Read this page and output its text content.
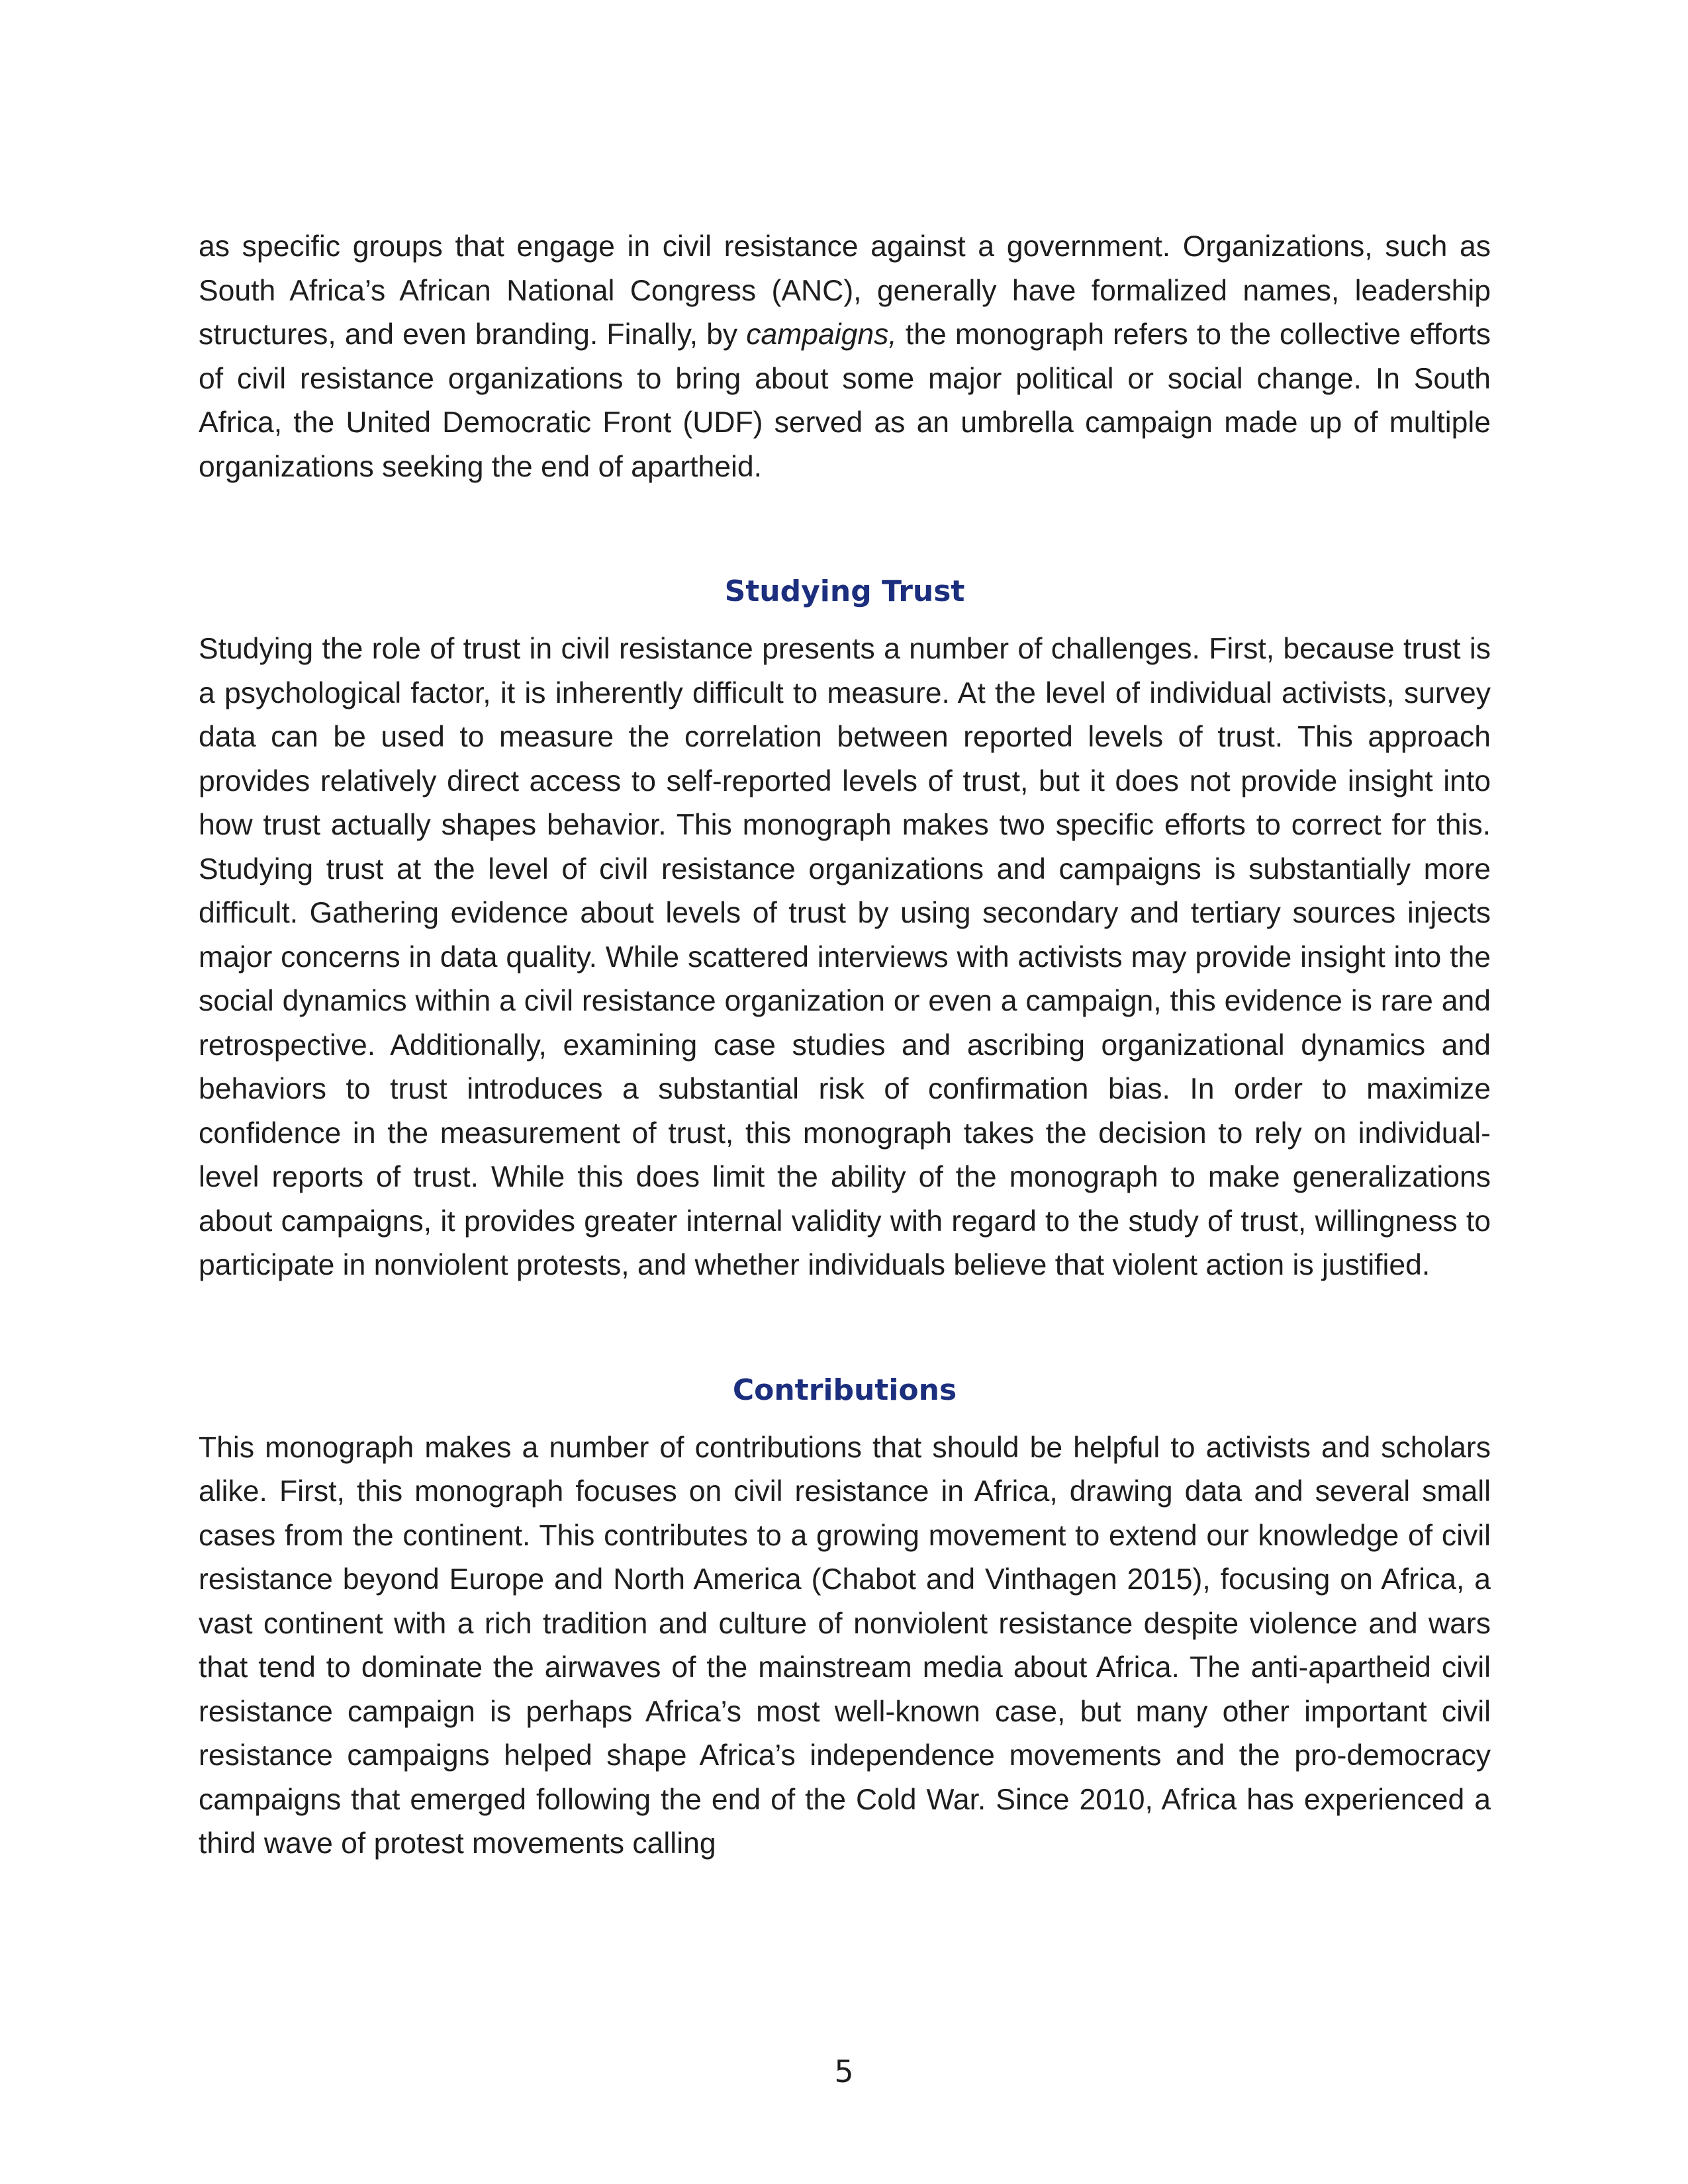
as specific groups that engage in civil resistance against a government. Organizations, such as South Africa’s African National Congress (ANC), generally have formalized names, leadership structures, and even branding. Finally, by campaigns, the monograph refers to the collective efforts of civil resistance organizations to bring about some major political or social change. In South Africa, the United Democratic Front (UDF) served as an umbrella campaign made up of multiple organizations seeking the end of apartheid.

Studying Trust

Studying the role of trust in civil resistance presents a number of challenges. First, because trust is a psychological factor, it is inherently difficult to measure. At the level of individual activists, survey data can be used to measure the correlation between reported levels of trust. This approach provides relatively direct access to self-reported levels of trust, but it does not provide insight into how trust actually shapes behavior. This monograph makes two specific efforts to correct for this. Studying trust at the level of civil resistance organizations and campaigns is substantially more difficult. Gathering evidence about levels of trust by using secondary and tertiary sources injects major concerns in data quality. While scattered interviews with activists may provide insight into the social dynamics within a civil resistance organization or even a campaign, this evidence is rare and retrospective. Additionally, examining case studies and ascribing organizational dynamics and behaviors to trust introduces a substantial risk of confirmation bias. In order to maximize confidence in the measurement of trust, this monograph takes the decision to rely on individual-level reports of trust. While this does limit the ability of the monograph to make generalizations about campaigns, it provides greater internal validity with regard to the study of trust, willingness to participate in nonviolent protests, and whether individuals believe that violent action is justified.

Contributions

This monograph makes a number of contributions that should be helpful to activists and scholars alike. First, this monograph focuses on civil resistance in Africa, drawing data and several small cases from the continent. This contributes to a growing movement to extend our knowledge of civil resistance beyond Europe and North America (Chabot and Vinthagen 2015), focusing on Africa, a vast continent with a rich tradition and culture of nonviolent resistance despite violence and wars that tend to dominate the airwaves of the mainstream media about Africa. The anti-apartheid civil resistance campaign is perhaps Africa’s most well-known case, but many other important civil resistance campaigns helped shape Africa’s independence movements and the pro-democracy campaigns that emerged following the end of the Cold War. Since 2010, Africa has experienced a third wave of protest movements calling

5
